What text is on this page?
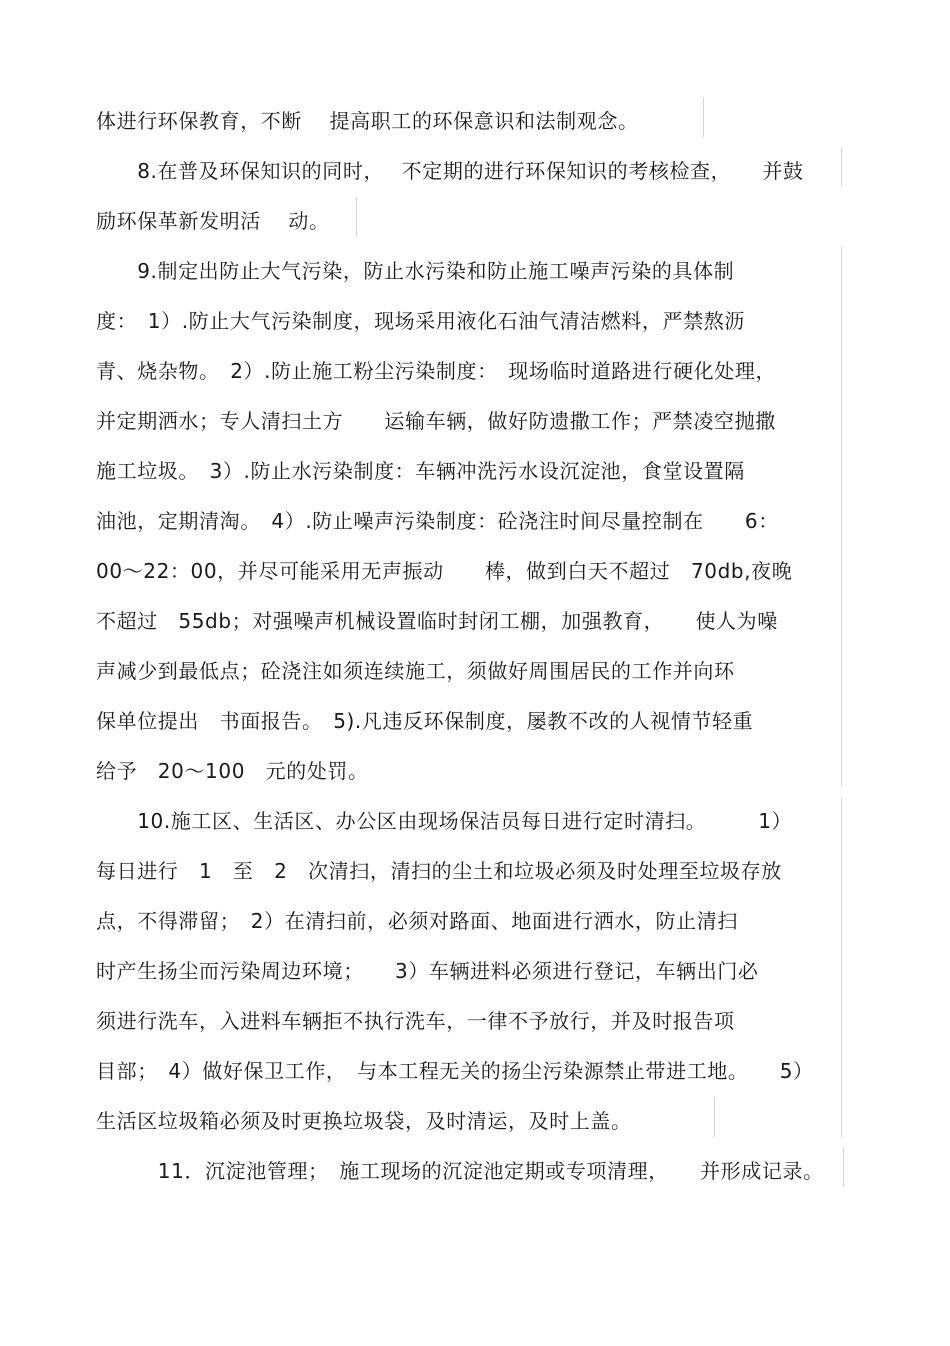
体进行环保教育，不断　 提高职工的环保意识和法制观念。
　　8.在普及环保知识的同时，　 不定期的进行环保知识的考核检查，　　并鼓
励环保革新发明活　 动。
　　9.制定出防止大气污染，防止水污染和防止施工噪声污染的具体制
度：　1）.防止大气污染制度，现场采用液化石油气清洁燃料，严禁熬沥
青、烧杂物。　2）.防止施工粉尘污染制度：　现场临时道路进行硬化处理，
并定期洒水；专人清扫土方　　运输车辆，做好防遗撒工作；严禁凌空抛撒
施工垃圾。　3）.防止水污染制度：车辆冲洗污水设沉淀池，食堂设置隔
油池，定期清淘。　4）.防止噪声污染制度：砼浇注时间尽量控制在　　6：
00～22：00，并尽可能采用无声振动　　棒，做到白天不超过　70db,夜晚
不超过　55db；对强噪声机械设置临时封闭工棚，加强教育，　　使人为噪
声减少到最低点；砼浇注如须连续施工，须做好周围居民的工作并向环
保单位提出　书面报告。　5).凡违反环保制度，屡教不改的人视情节轻重
给予　20～100　元的处罚。
　　10.施工区、生活区、办公区由现场保洁员每日进行定时清扫。　　　1）
每日进行　1　至　2　次清扫，清扫的尘土和垃圾必须及时处理至垃圾存放
点，不得滞留；　2）在清扫前，必须对路面、地面进行洒水，防止清扫
时产生扬尘而污染周边环境；　　3）车辆进料必须进行登记，车辆出门必
须进行洗车，入进料车辆拒不执行洗车，一律不予放行，并及时报告项
目部；　4）做好保卫工作，　与本工程无关的扬尘污染源禁止带进工地。　　5）
生活区垃圾箱必须及时更换垃圾袋，及时清运，及时上盖。
　　　11．沉淀池管理；　施工现场的沉淀池定期或专项清理，　　并形成记录。
